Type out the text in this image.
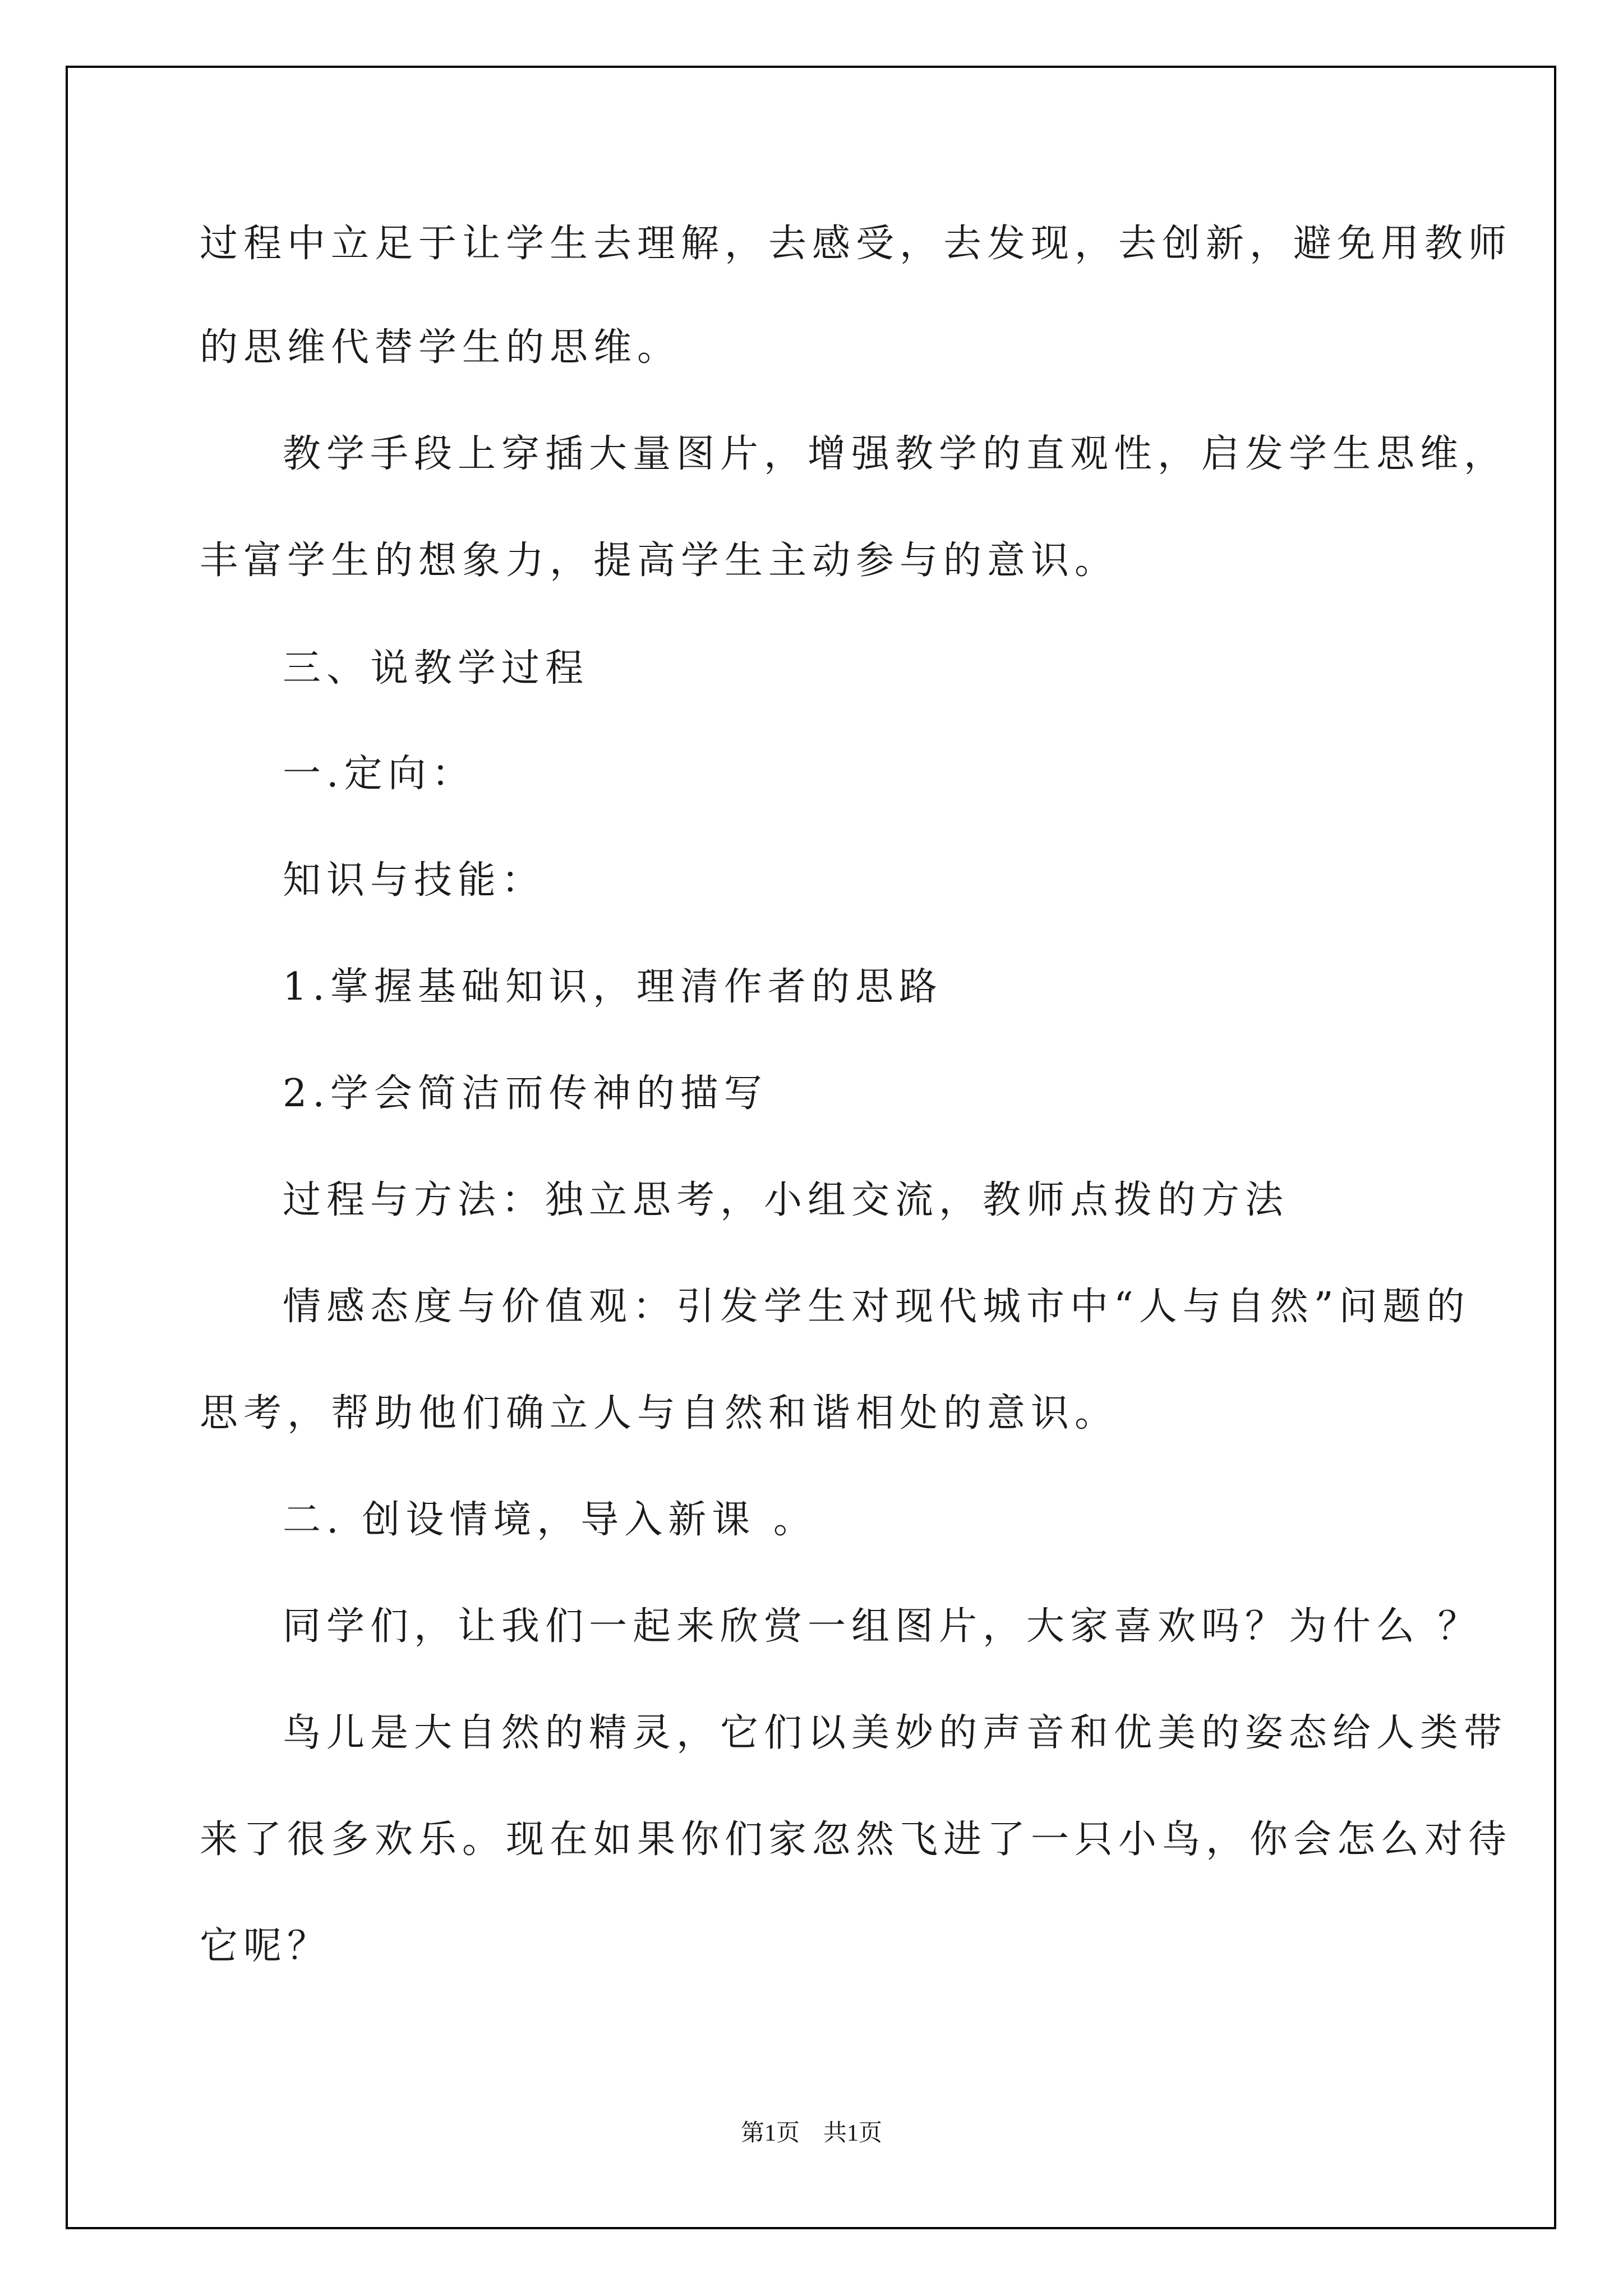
过程中立足于让学生去理解，去感受，去发现，去创新，避免用教师
的思维代替学生的思维。
教学手段上穿插大量图片，增强教学的直观性，启发学生思维，
丰富学生的想象力，提高学生主动参与的意识。
三、说教学过程
一.定向：
知识与技能：
1.掌握基础知识，理清作者的思路
2.学会简洁而传神的描写
过程与方法：独立思考，小组交流，教师点拨的方法
情感态度与价值观：引发学生对现代城市中“人与自然”问题的
思考，帮助他们确立人与自然和谐相处的意识。
二. 创设情境，导入新课 。
同学们，让我们一起来欣赏一组图片，大家喜欢吗？为什么 ？
鸟儿是大自然的精灵，它们以美妙的声音和优美的姿态给人类带
来了很多欢乐。现在如果你们家忽然飞进了一只小鸟，你会怎么对待
它呢？
第1页　共1页
